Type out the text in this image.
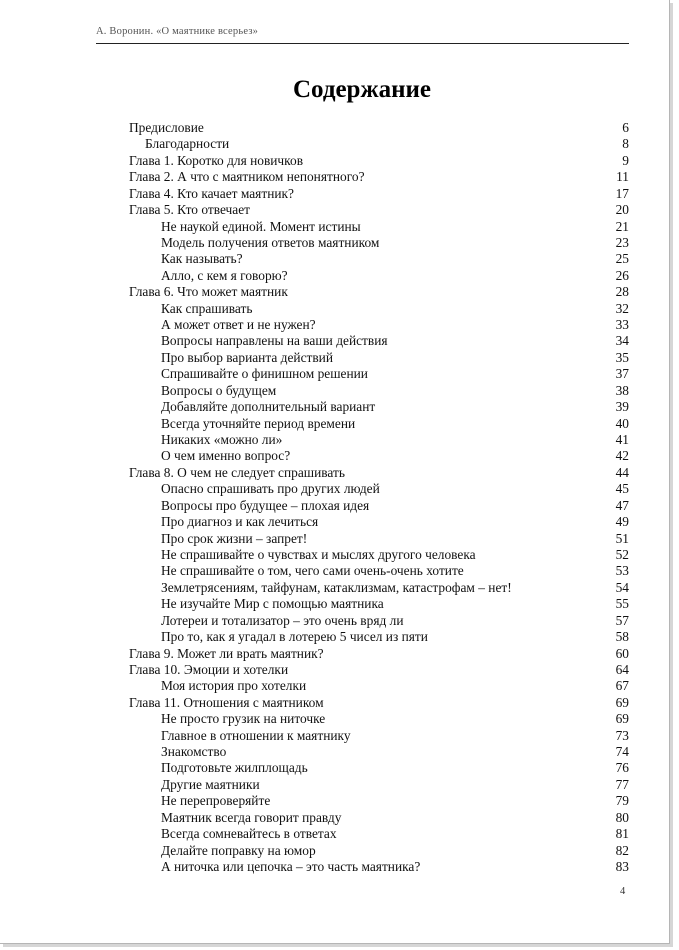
А. Воронин. «О маятнике всерьез»
Содержание
Предисловие	6
Благодарности	8
Глава 1. Коротко для новичков	9
Глава 2. А что с маятником непонятного?	11
Глава 4. Кто качает маятник?	17
Глава 5. Кто отвечает	20
Не наукой единой. Момент истины	21
Модель получения ответов маятником	23
Как называть?	25
Алло, с кем я говорю?	26
Глава 6. Что может маятник	28
Как спрашивать	32
А может ответ и не нужен?	33
Вопросы направлены на ваши действия	34
Про выбор варианта действий	35
Спрашивайте о финишном решении	37
Вопросы о будущем	38
Добавляйте дополнительный вариант	39
Всегда уточняйте период времени	40
Никаких «можно ли»	41
О чем именно вопрос?	42
Глава 8. О чем не следует спрашивать	44
Опасно спрашивать про других людей	45
Вопросы про будущее – плохая идея	47
Про диагноз и как лечиться	49
Про срок жизни – запрет!	51
Не спрашивайте о чувствах и мыслях другого человека	52
Не спрашивайте о том, чего сами очень-очень хотите	53
Землетрясениям, тайфунам, катаклизмам, катастрофам – нет!	54
Не изучайте Мир с помощью маятника	55
Лотереи и тотализатор – это очень вряд ли	57
Про то, как я угадал в лотерею 5 чисел из пяти	58
Глава 9. Может ли врать маятник?	60
Глава 10. Эмоции и хотелки	64
Моя история про хотелки	67
Глава 11. Отношения с маятником	69
Не просто грузик на ниточке	69
Главное в отношении к маятнику	73
Знакомство	74
Подготовьте жилплощадь	76
Другие маятники	77
Не перепроверяйте	79
Маятник всегда говорит правду	80
Всегда сомневайтесь в ответах	81
Делайте поправку на юмор	82
А ниточка или цепочка – это часть маятника?	83
4
